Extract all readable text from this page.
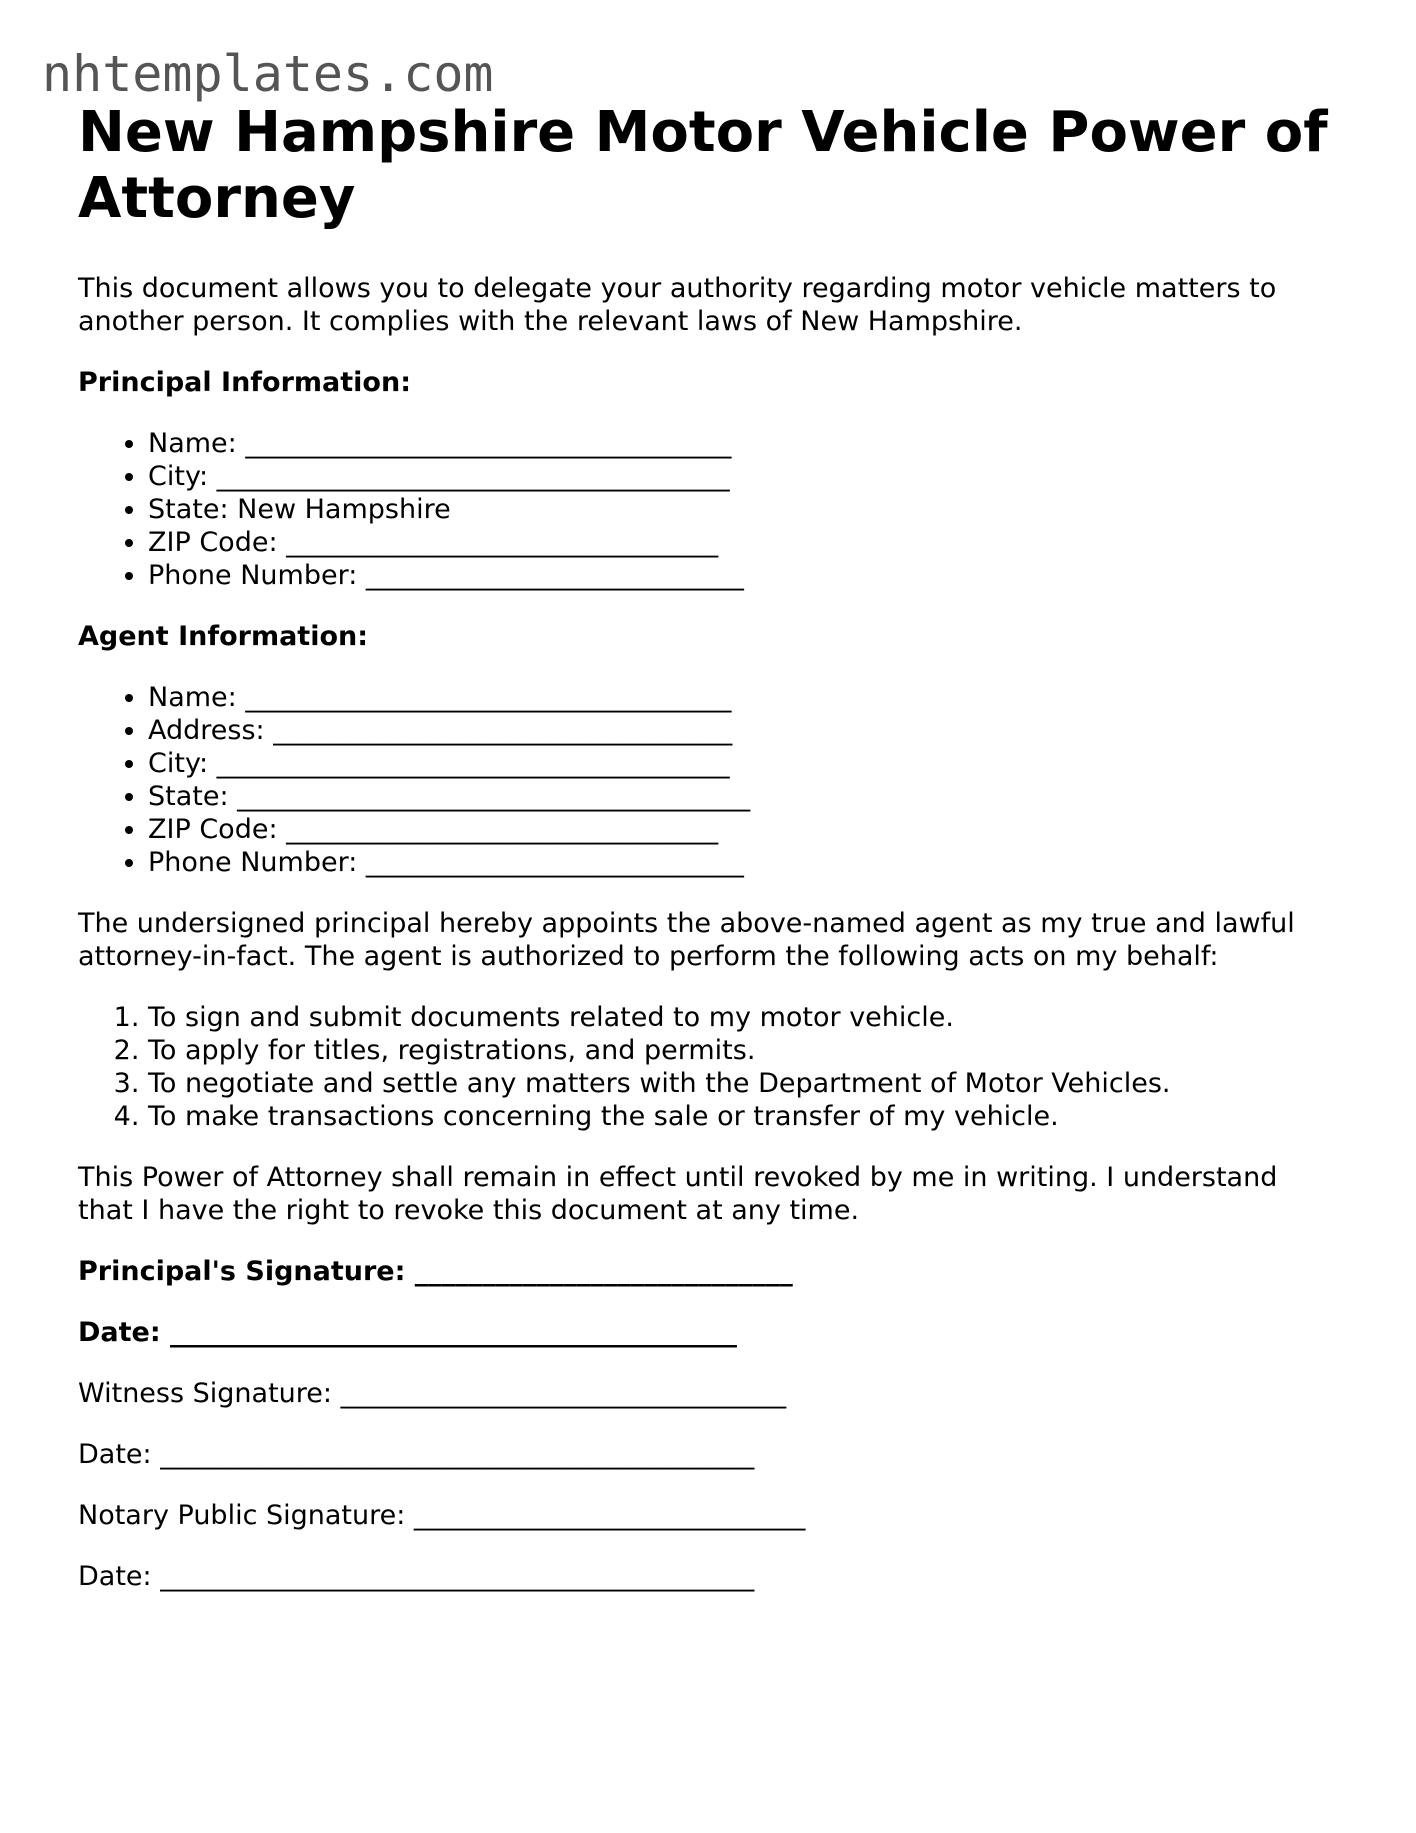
nhtemplates.com
New Hampshire Motor Vehicle Power of Attorney

This document allows you to delegate your authority regarding motor vehicle matters to another person. It complies with the relevant laws of New Hampshire.

Principal Information:

• Name: ____________________________________
• City: ______________________________________
• State: New Hampshire
• ZIP Code: ________________________________
• Phone Number: ____________________________

Agent Information:

• Name: ____________________________________
• Address: __________________________________
• City: ______________________________________
• State: ______________________________________
• ZIP Code: ________________________________
• Phone Number: ____________________________

The undersigned principal hereby appoints the above-named agent as my true and lawful attorney-in-fact. The agent is authorized to perform the following acts on my behalf:

1. To sign and submit documents related to my motor vehicle.
2. To apply for titles, registrations, and permits.
3. To negotiate and settle any matters with the Department of Motor Vehicles.
4. To make transactions concerning the sale or transfer of my vehicle.

This Power of Attorney shall remain in effect until revoked by me in writing. I understand that I have the right to revoke this document at any time.

Principal's Signature: ____________________________

Date: __________________________________________

Witness Signature: _________________________________

Date: ____________________________________________

Notary Public Signature: _____________________________

Date: ____________________________________________
